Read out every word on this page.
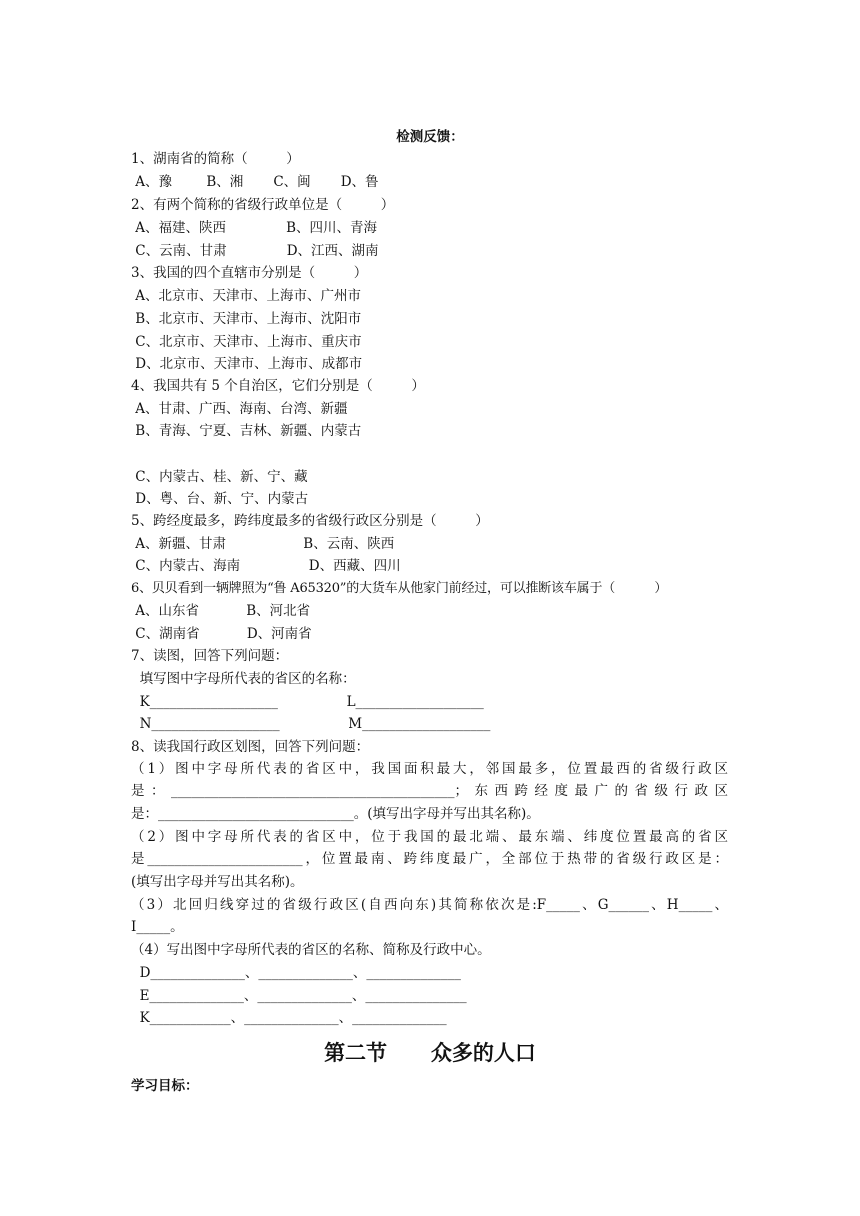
检测反馈：
1、湖南省的简称（         ）
A、豫        B、湘       C、闽       D、鲁
2、有两个简称的省级行政单位是（         ）
A、福建、陕西              B、四川、青海
C、云南、甘肃              D、江西、湖南
3、我国的四个直辖市分别是（         ）
A、北京市、天津市、上海市、广州市
B、北京市、天津市、上海市、沈阳市
C、北京市、天津市、上海市、重庆市
D、北京市、天津市、上海市、成都市
4、我国共有 5 个自治区，它们分别是（         ）
A、甘肃、广西、海南、台湾、新疆
B、青海、宁夏、吉林、新疆、内蒙古
C、内蒙古、桂、新、宁、藏
D、粤、台、新、宁、内蒙古
5、跨经度最多，跨纬度最多的省级行政区分别是（         ）
A、新疆、甘肃                  B、云南、陕西
C、内蒙古、海南                D、西藏、四川
6、贝贝看到一辆牌照为“鲁 A65320”的大货车从他家门前经过，可以推断该车属于（          ）
A、山东省           B、河北省
C、湖南省           D、河南省
7、读图，回答下列问题：
填写图中字母所代表的省区的名称：
K___________________                L___________________
N___________________                M___________________
8、读我国行政区划图，回答下列问题：
（1）图中字母所代表的省区中，我国面积最大，邻国最多，位置最西的省级行政区
是：__________________________________________；东西跨经度最广的省级行政区
是：_____________________________。(填写出字母并写出其名称)。
（2）图中字母所代表的省区中，位于我国的最北端、最东端、纬度位置最高的省区
是_______________________，位置最南、跨纬度最广，全部位于热带的省级行政区是：
(填写出字母并写出其名称)。
（3）北回归线穿过的省级行政区(自西向东)其简称依次是:F_____、G______、H_____、
I_____。
（4）写出图中字母所代表的省区的名称、简称及行政中心。
D______________、______________、______________
E______________、______________、_______________
K____________、______________、______________
第二节      众多的人口
学习目标：
